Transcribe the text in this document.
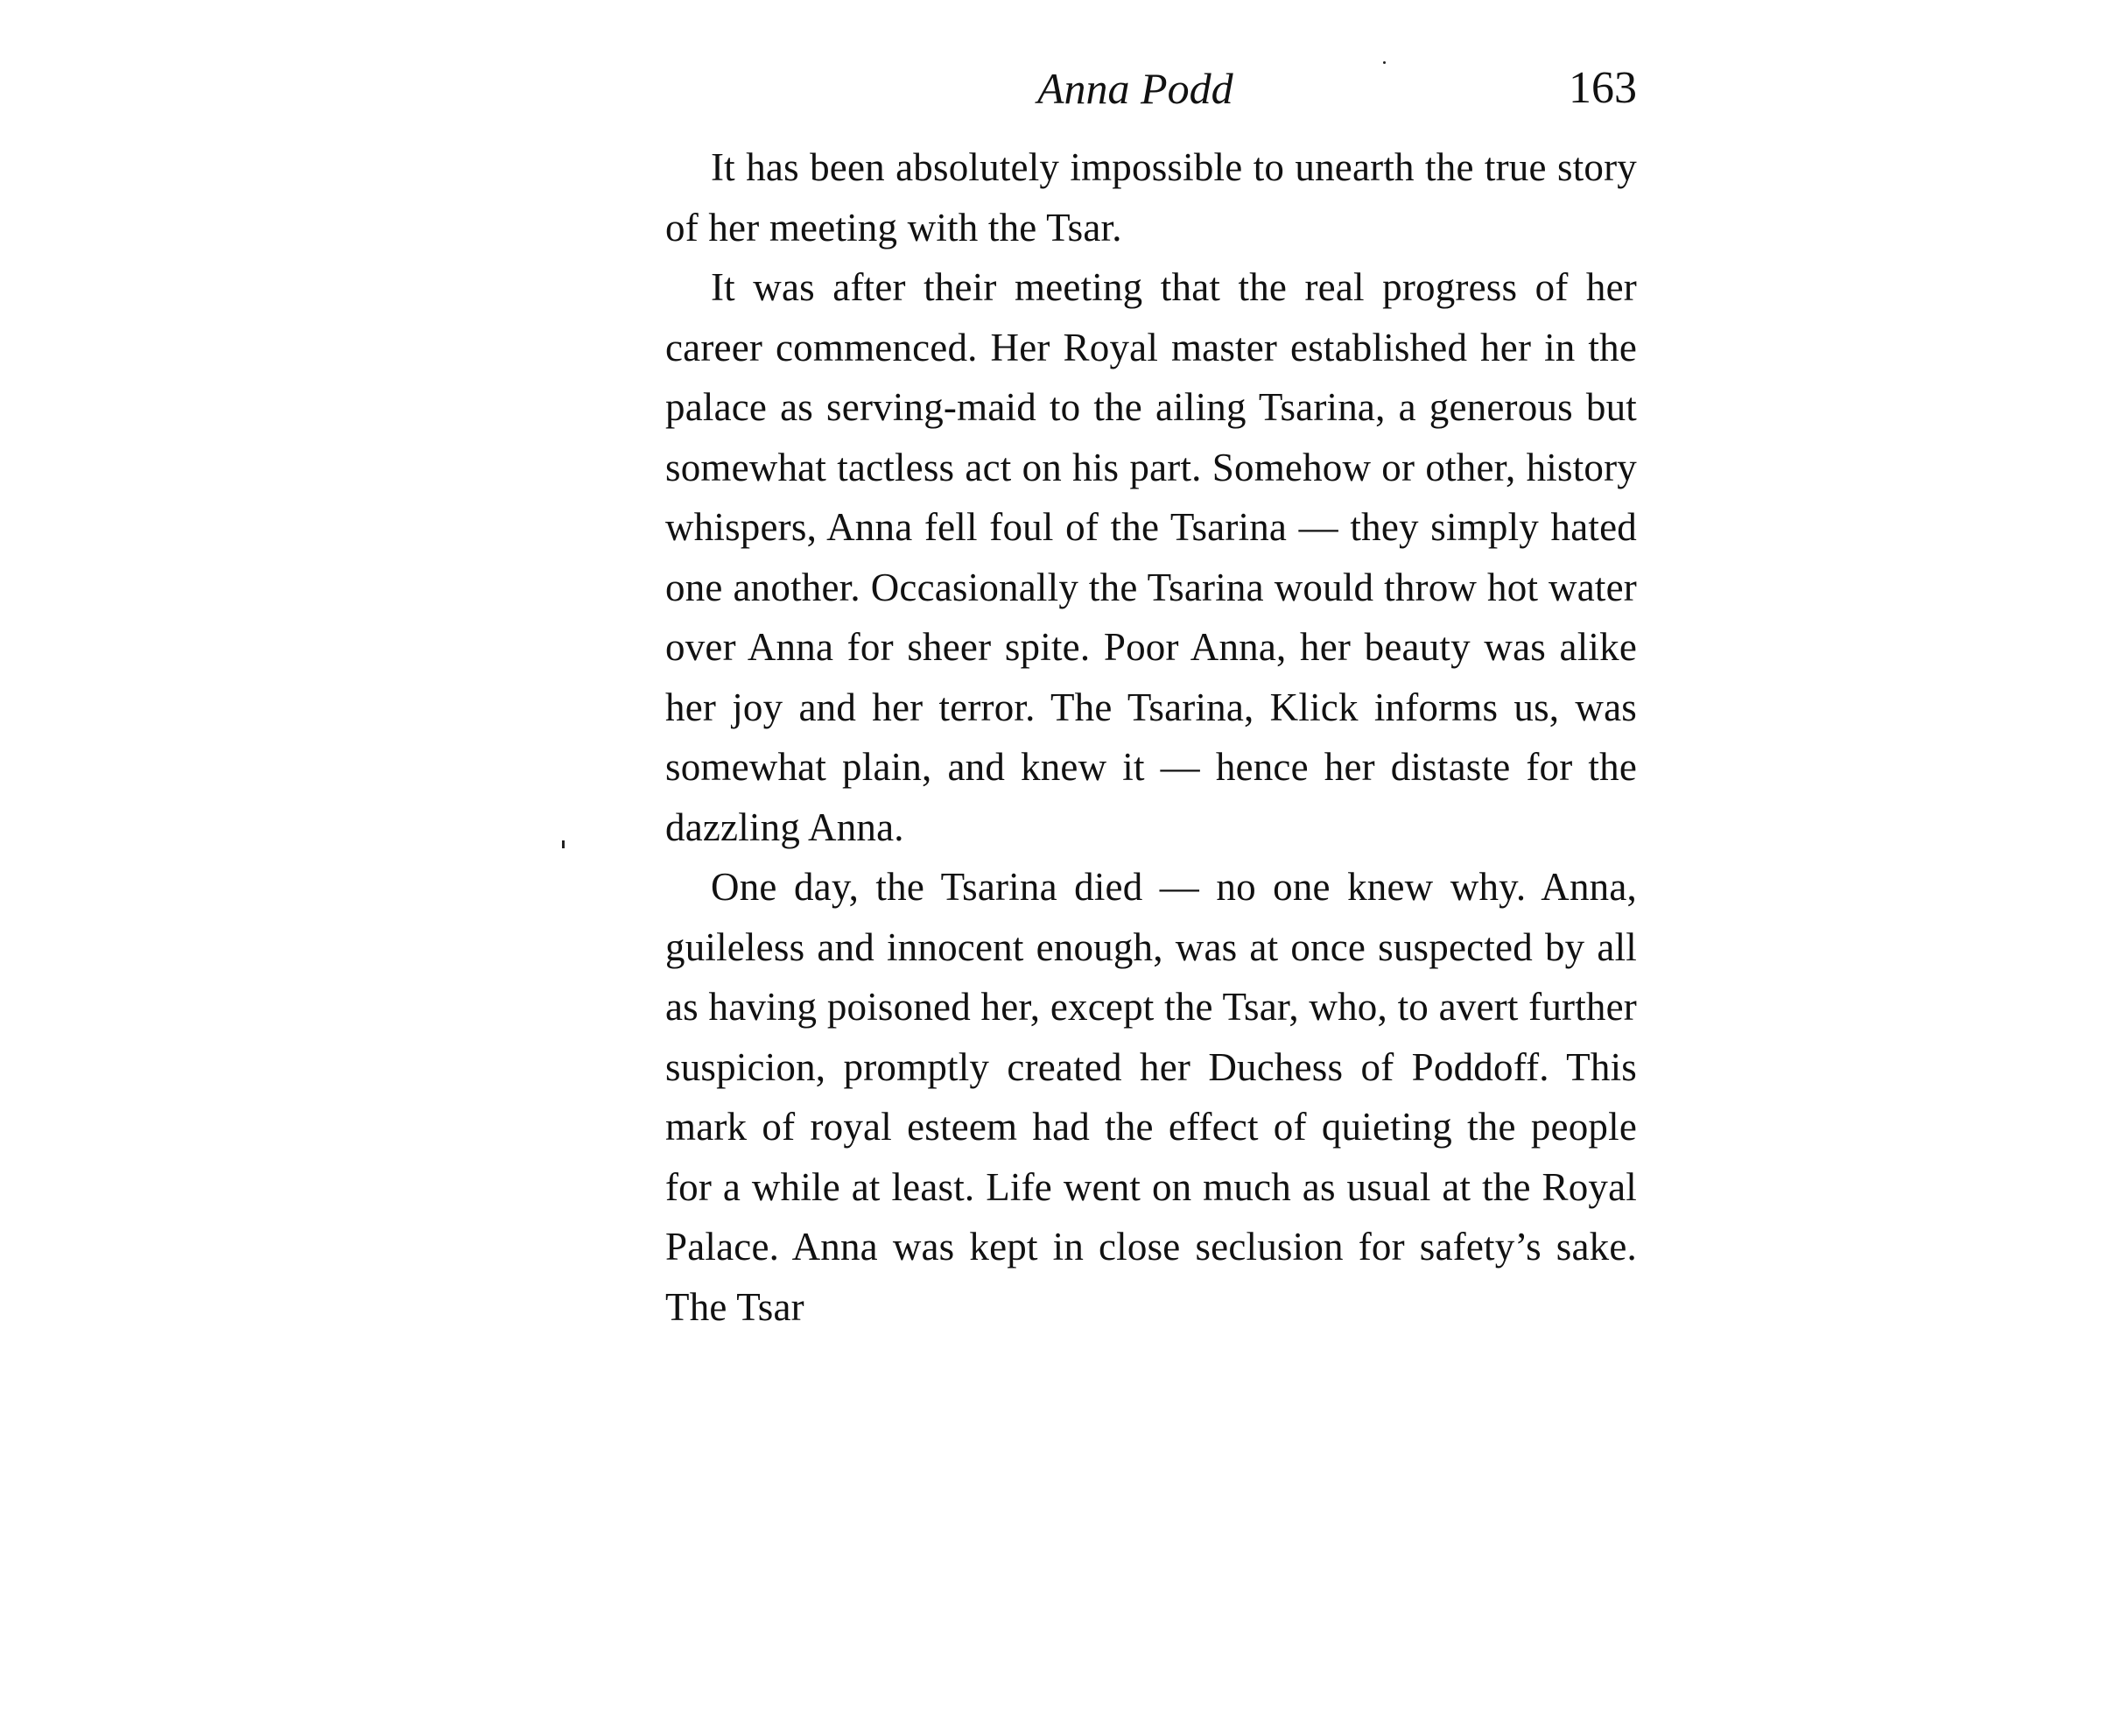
Anna Podd	163

It has been absolutely impossible to unearth the true story of her meeting with the Tsar.

It was after their meeting that the real progress of her career commenced. Her Royal master established her in the palace as serving-maid to the ailing Tsarina, a generous but somewhat tactless act on his part. Somehow or other, history whispers, Anna fell foul of the Tsarina — they simply hated one another. Occasionally the Tsarina would throw hot water over Anna for sheer spite. Poor Anna, her beauty was alike her joy and her terror. The Tsarina, Klick informs us, was somewhat plain, and knew it — hence her distaste for the dazzling Anna.

One day, the Tsarina died — no one knew why. Anna, guileless and innocent enough, was at once suspected by all as having poisoned her, except the Tsar, who, to avert further suspicion, promptly created her Duchess of Poddoff. This mark of royal esteem had the effect of quieting the people for a while at least. Life went on much as usual at the Royal Palace. Anna was kept in close seclusion for safety’s sake. The Tsar
